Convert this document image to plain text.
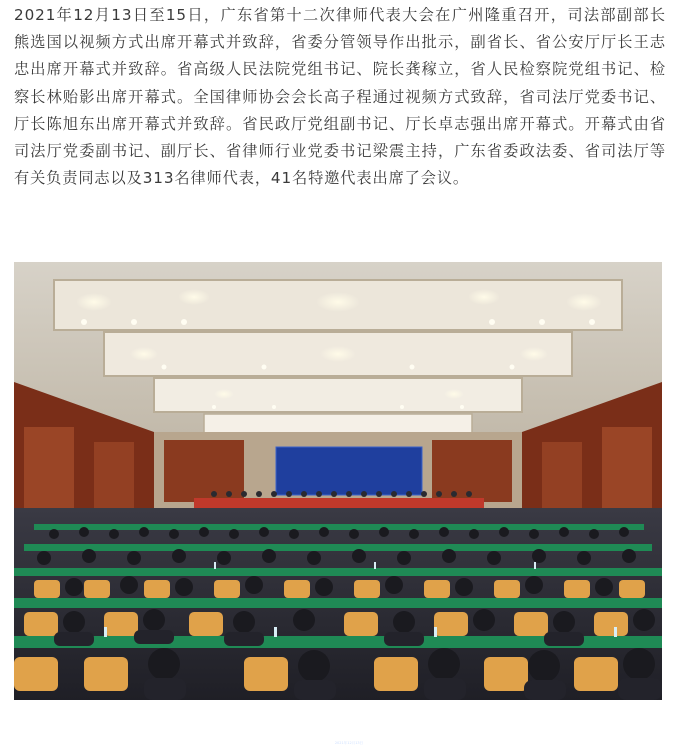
2021年12月13日至15日，广东省第十二次律师代表大会在广州隆重召开，司法部副部长熊选国以视频方式出席开幕式并致辞，省委分管领导作出批示，副省长、省公安厅厅长王志忠出席开幕式并致辞。省高级人民法院党组书记、院长龚稼立，省人民检察院党组书记、检察长林贻影出席开幕式。全国律师协会会长高子程通过视频方式致辞，省司法厅党委书记、厅长陈旭东出席开幕式并致辞。省民政厅党组副书记、厅长卓志强出席开幕式。开幕式由省司法厅党委副书记、副厅长、省律师行业党委书记梁震主持，广东省委政法委、省司法厅等有关负责同志以及313名律师代表，41名特邀代表出席了会议。

广东省第十二次律师代表大会
2021年12月13日
